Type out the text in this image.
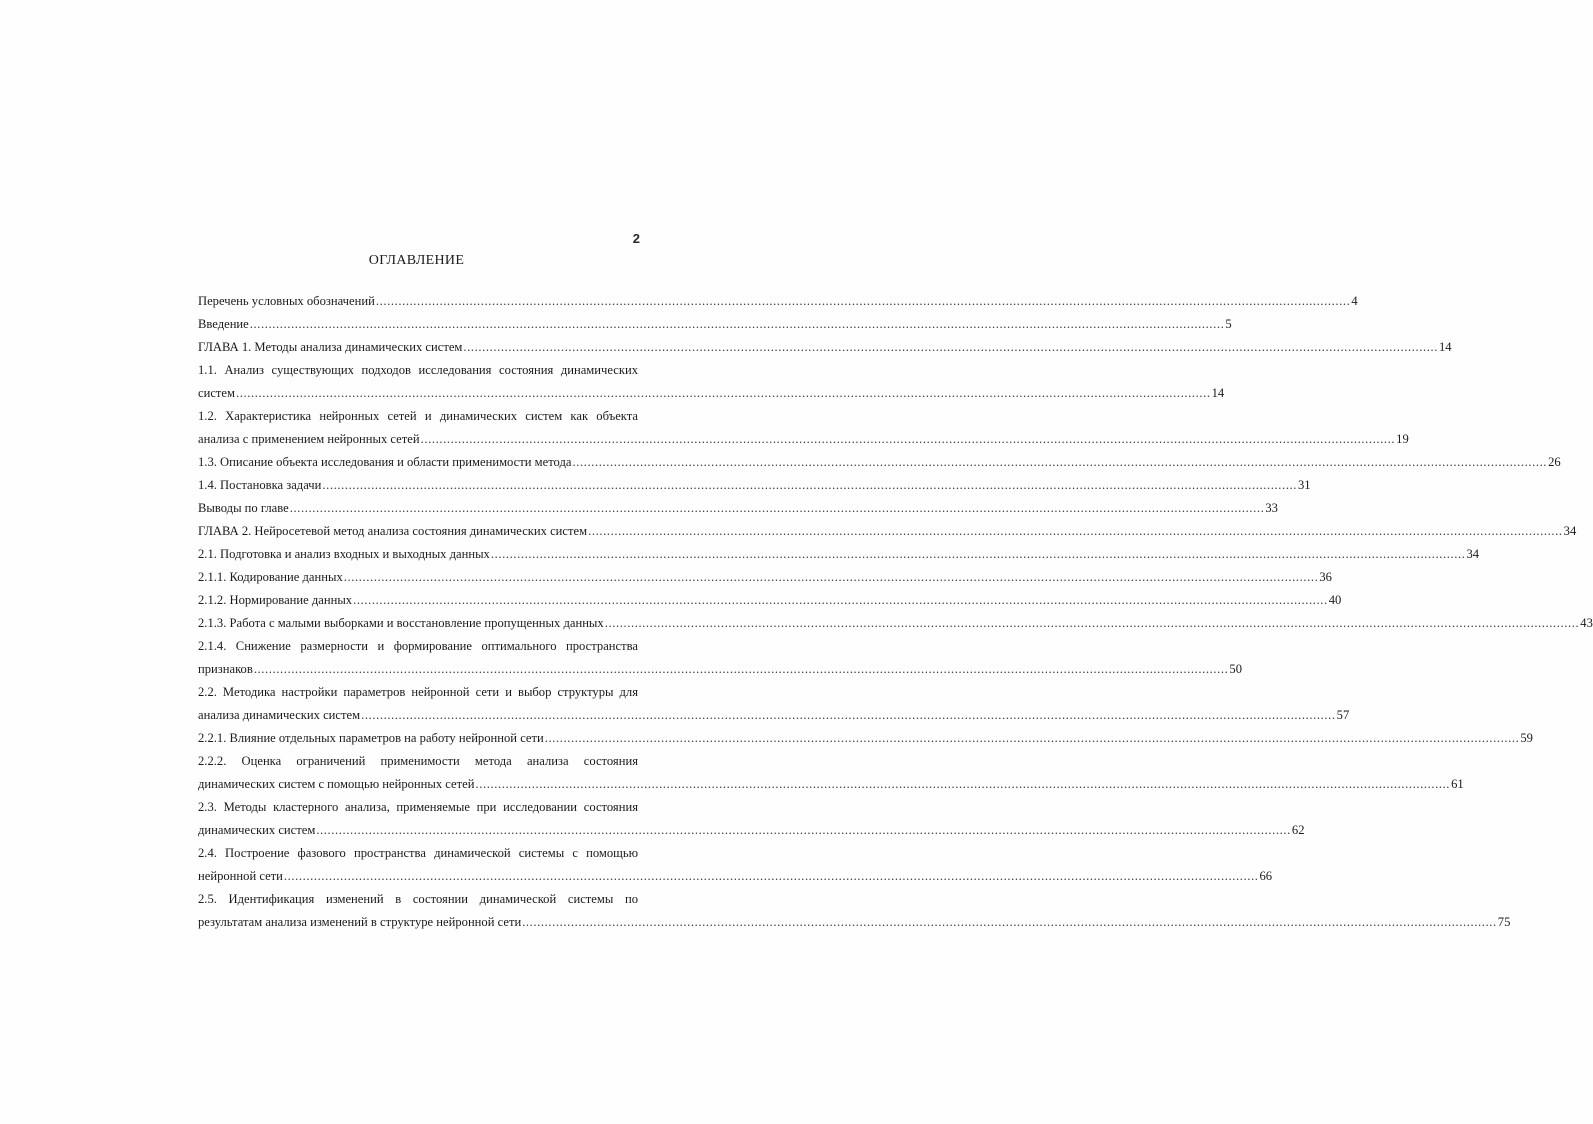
2
ОГЛАВЛЕНИЕ
Перечень условных обозначений .................................................................................................................................................................................................................................................................... 4
Введение .................................................................................................................................................................................................................................................................... 5
ГЛАВА 1. Методы анализа динамических систем .................................................................................................................................................................................................................................................................... 14
1.1. Анализ существующих подходов исследования состояния динамических
систем .................................................................................................................................................................................................................................................................... 14
1.2. Характеристика нейронных сетей и динамических систем как объекта
анализа с применением нейронных сетей .................................................................................................................................................................................................................................................................... 19
1.3. Описание объекта исследования и области применимости метода .................................................................................................................................................................................................................................................................... 26
1.4. Постановка задачи .................................................................................................................................................................................................................................................................... 31
Выводы по главе .................................................................................................................................................................................................................................................................... 33
ГЛАВА 2. Нейросетевой метод анализа состояния динамических систем .................................................................................................................................................................................................................................................................... 34
2.1. Подготовка и анализ входных и выходных данных .................................................................................................................................................................................................................................................................... 34
2.1.1. Кодирование данных .................................................................................................................................................................................................................................................................... 36
2.1.2. Нормирование данных .................................................................................................................................................................................................................................................................... 40
2.1.3. Работа с малыми выборками и восстановление пропущенных данных .................................................................................................................................................................................................................................................................... 43
2.1.4. Снижение размерности и формирование оптимального пространства
признаков .................................................................................................................................................................................................................................................................... 50
2.2. Методика настройки параметров нейронной сети и выбор структуры для
анализа динамических систем .................................................................................................................................................................................................................................................................... 57
2.2.1. Влияние отдельных параметров на работу нейронной сети .................................................................................................................................................................................................................................................................... 59
2.2.2. Оценка ограничений применимости метода анализа состояния
динамических систем с помощью нейронных сетей .................................................................................................................................................................................................................................................................... 61
2.3. Методы кластерного анализа, применяемые при исследовании состояния
динамических систем .................................................................................................................................................................................................................................................................... 62
2.4. Построение фазового пространства динамической системы с помощью
нейронной сети .................................................................................................................................................................................................................................................................... 66
2.5. Идентификация изменений в состоянии динамической системы по
результатам анализа изменений в структуре нейронной сети .................................................................................................................................................................................................................................................................... 75
